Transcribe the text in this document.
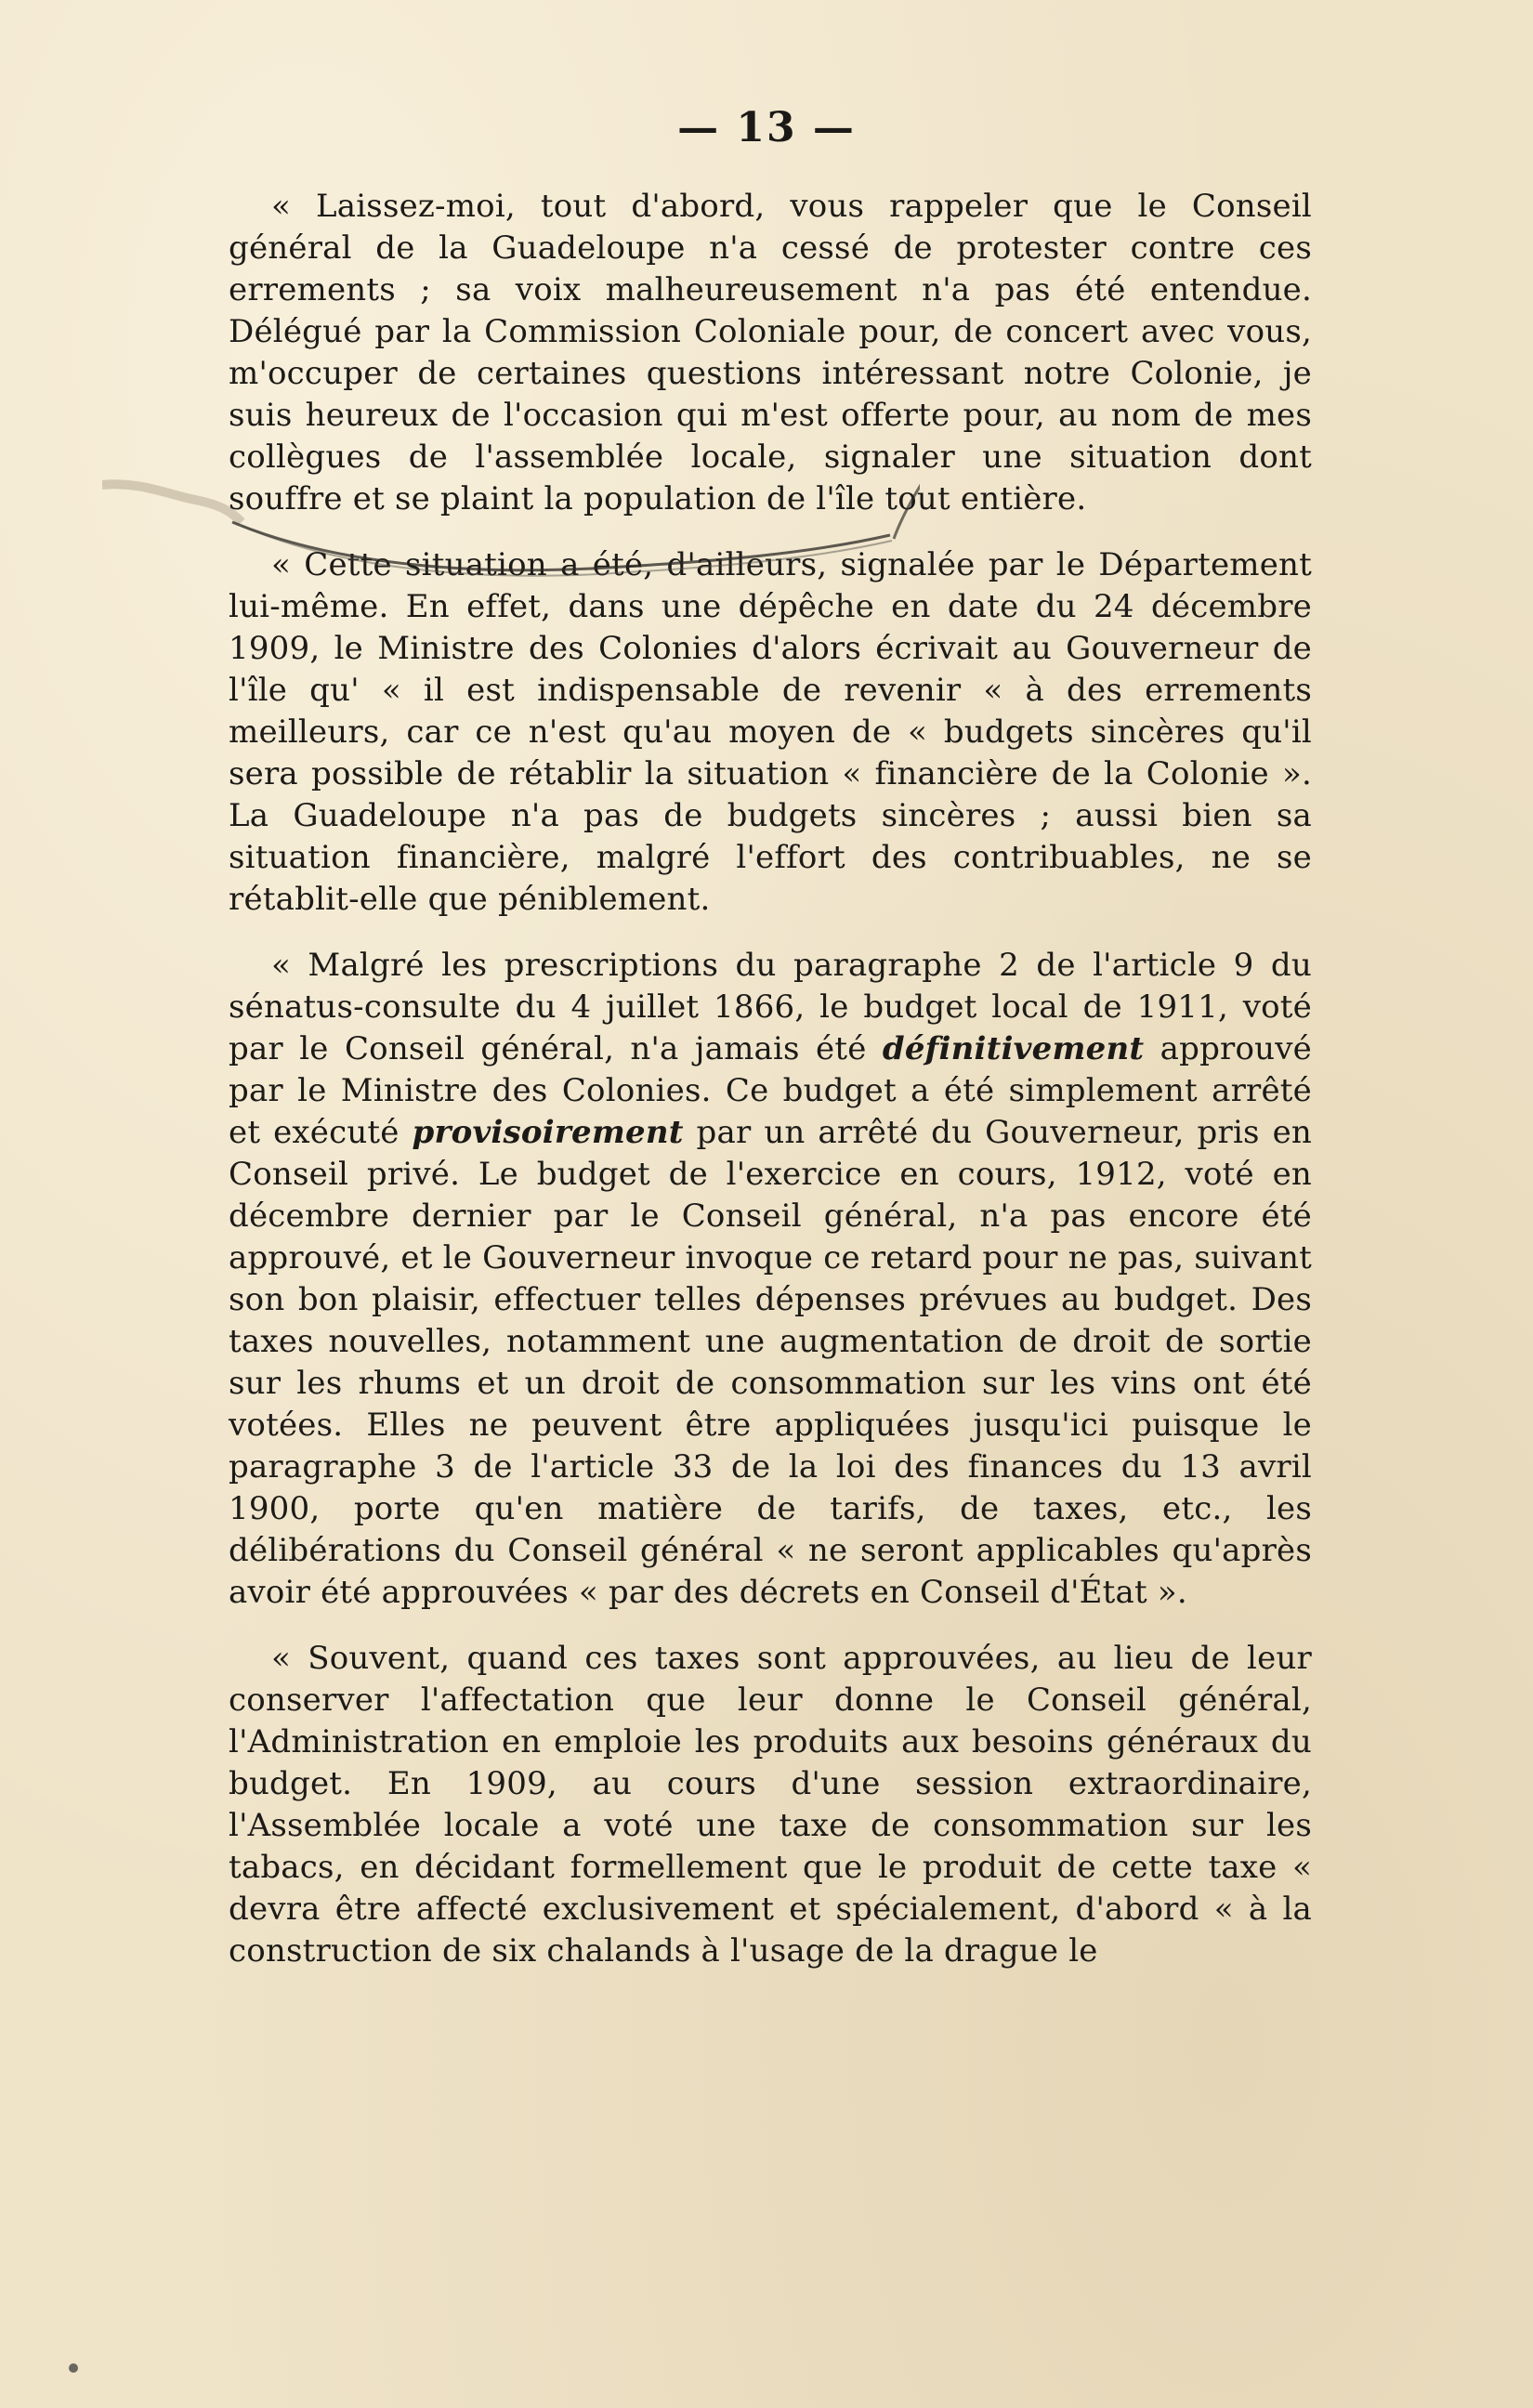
— 13 —

« Laissez-moi, tout d'abord, vous rappeler que le Conseil général de la Guadeloupe n'a cessé de protester contre ces errements ; sa voix malheureusement n'a pas été entendue. Délégué par la Commission Coloniale pour, de concert avec vous, m'occuper de certaines questions intéressant notre Colonie, je suis heureux de l'occasion qui m'est offerte pour, au nom de mes collègues de l'assemblée locale, signaler une situation dont souffre et se plaint la population de l'île tout entière.

« Cette situation a été, d'ailleurs, signalée par le Département lui-même. En effet, dans une dépêche en date du 24 décembre 1909, le Ministre des Colonies d'alors écrivait au Gouverneur de l'île qu' « il est indispensable de revenir « à des errements meilleurs, car ce n'est qu'au moyen de « budgets sincères qu'il sera possible de rétablir la situation « financière de la Colonie ». La Guadeloupe n'a pas de budgets sincères ; aussi bien sa situation financière, malgré l'effort des contribuables, ne se rétablit-elle que péniblement.

« Malgré les prescriptions du paragraphe 2 de l'article 9 du sénatus-consulte du 4 juillet 1866, le budget local de 1911, voté par le Conseil général, n'a jamais été définitivement approuvé par le Ministre des Colonies. Ce budget a été simplement arrêté et exécuté provisoirement par un arrêté du Gouverneur, pris en Conseil privé. Le budget de l'exercice en cours, 1912, voté en décembre dernier par le Conseil général, n'a pas encore été approuvé, et le Gouverneur invoque ce retard pour ne pas, suivant son bon plaisir, effectuer telles dépenses prévues au budget. Des taxes nouvelles, notamment une augmentation de droit de sortie sur les rhums et un droit de consommation sur les vins ont été votées. Elles ne peuvent être appliquées jusqu'ici puisque le paragraphe 3 de l'article 33 de la loi des finances du 13 avril 1900, porte qu'en matière de tarifs, de taxes, etc., les délibérations du Conseil général « ne seront applicables qu'après avoir été approuvées « par des décrets en Conseil d'État ».

« Souvent, quand ces taxes sont approuvées, au lieu de leur conserver l'affectation que leur donne le Conseil général, l'Administration en emploie les produits aux besoins généraux du budget. En 1909, au cours d'une session extraordinaire, l'Assemblée locale a voté une taxe de consommation sur les tabacs, en décidant formellement que le produit de cette taxe « devra être affecté exclusivement et spécialement, d'abord « à la construction de six chalands à l'usage de la drague le
